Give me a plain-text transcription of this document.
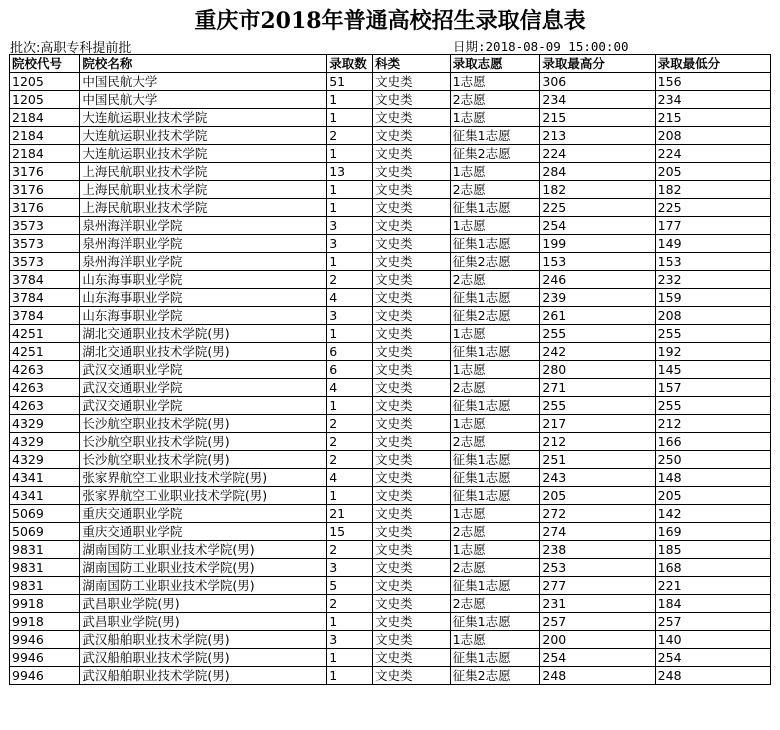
重庆市2018年普通高校招生录取信息表
批次:高职专科提前批	日期:2018-08-09 15:00:00
院校代号	院校名称	录取数	科类	录取志愿	录取最高分	录取最低分
1205	中国民航大学	51	文史类	1志愿	306	156
1205	中国民航大学	1	文史类	2志愿	234	234
2184	大连航运职业技术学院	1	文史类	1志愿	215	215
2184	大连航运职业技术学院	2	文史类	征集1志愿	213	208
2184	大连航运职业技术学院	1	文史类	征集2志愿	224	224
3176	上海民航职业技术学院	13	文史类	1志愿	284	205
3176	上海民航职业技术学院	1	文史类	2志愿	182	182
3176	上海民航职业技术学院	1	文史类	征集1志愿	225	225
3573	泉州海洋职业学院	3	文史类	1志愿	254	177
3573	泉州海洋职业学院	3	文史类	征集1志愿	199	149
3573	泉州海洋职业学院	1	文史类	征集2志愿	153	153
3784	山东海事职业学院	2	文史类	2志愿	246	232
3784	山东海事职业学院	4	文史类	征集1志愿	239	159
3784	山东海事职业学院	3	文史类	征集2志愿	261	208
4251	湖北交通职业技术学院(男)	1	文史类	1志愿	255	255
4251	湖北交通职业技术学院(男)	6	文史类	征集1志愿	242	192
4263	武汉交通职业学院	6	文史类	1志愿	280	145
4263	武汉交通职业学院	4	文史类	2志愿	271	157
4263	武汉交通职业学院	1	文史类	征集1志愿	255	255
4329	长沙航空职业技术学院(男)	2	文史类	1志愿	217	212
4329	长沙航空职业技术学院(男)	2	文史类	2志愿	212	166
4329	长沙航空职业技术学院(男)	2	文史类	征集1志愿	251	250
4341	张家界航空工业职业技术学院(男)	4	文史类	征集1志愿	243	148
4341	张家界航空工业职业技术学院(男)	1	文史类	征集1志愿	205	205
5069	重庆交通职业学院	21	文史类	1志愿	272	142
5069	重庆交通职业学院	15	文史类	2志愿	274	169
9831	湖南国防工业职业技术学院(男)	2	文史类	1志愿	238	185
9831	湖南国防工业职业技术学院(男)	3	文史类	2志愿	253	168
9831	湖南国防工业职业技术学院(男)	5	文史类	征集1志愿	277	221
9918	武昌职业学院(男)	2	文史类	2志愿	231	184
9918	武昌职业学院(男)	1	文史类	征集1志愿	257	257
9946	武汉船舶职业技术学院(男)	3	文史类	1志愿	200	140
9946	武汉船舶职业技术学院(男)	1	文史类	征集1志愿	254	254
9946	武汉船舶职业技术学院(男)	1	文史类	征集2志愿	248	248
